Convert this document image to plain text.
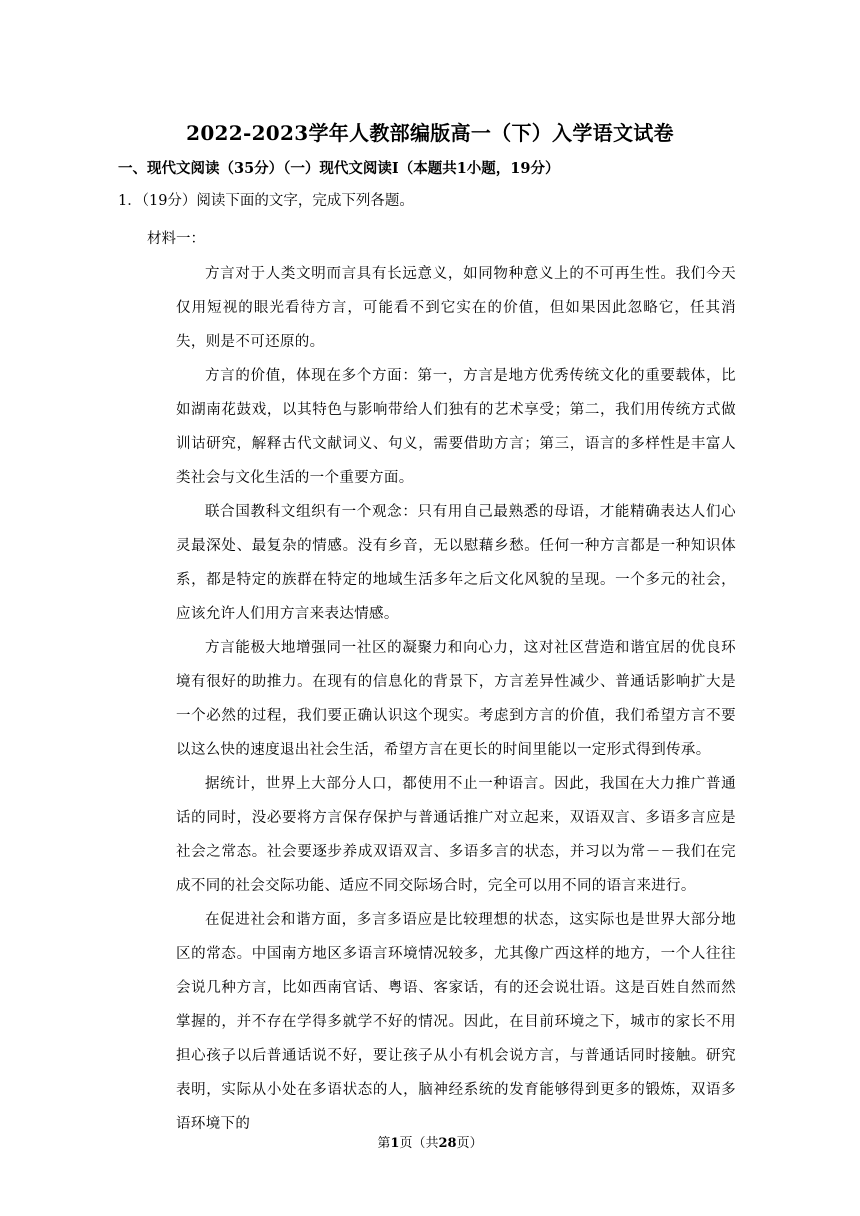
2022-2023学年人教部编版高一（下）入学语文试卷
一、现代文阅读（35分）（一）现代文阅读Ⅰ（本题共1小题，19分）
1．（19分）阅读下面的文字，完成下列各题。
材料一：

方言对于人类文明而言具有长远意义，如同物种意义上的不可再生性。我们今天仅用短视的眼光看待方言，可能看不到它实在的价值，但如果因此忽略它，任其消失，则是不可还原的。

方言的价值，体现在多个方面：第一，方言是地方优秀传统文化的重要载体，比如湖南花鼓戏，以其特色与影响带给人们独有的艺术享受；第二，我们用传统方式做训诂研究，解释古代文献词义、句义，需要借助方言；第三，语言的多样性是丰富人类社会与文化生活的一个重要方面。

联合国教科文组织有一个观念：只有用自己最熟悉的母语，才能精确表达人们心灵最深处、最复杂的情感。没有乡音，无以慰藉乡愁。任何一种方言都是一种知识体系，都是特定的族群在特定的地域生活多年之后文化风貌的呈现。一个多元的社会，应该允许人们用方言来表达情感。

方言能极大地增强同一社区的凝聚力和向心力，这对社区营造和谐宜居的优良环境有很好的助推力。在现有的信息化的背景下，方言差异性减少、普通话影响扩大是一个必然的过程，我们要正确认识这个现实。考虑到方言的价值，我们希望方言不要以这么快的速度退出社会生活，希望方言在更长的时间里能以一定形式得到传承。

据统计，世界上大部分人口，都使用不止一种语言。因此，我国在大力推广普通话的同时，没必要将方言保存保护与普通话推广对立起来，双语双言、多语多言应是社会之常态。社会要逐步养成双语双言、多语多言的状态，并习以为常－－我们在完成不同的社会交际功能、适应不同交际场合时，完全可以用不同的语言来进行。

在促进社会和谐方面，多言多语应是比较理想的状态，这实际也是世界大部分地区的常态。中国南方地区多语言环境情况较多，尤其像广西这样的地方，一个人往往会说几种方言，比如西南官话、粤语、客家话，有的还会说壮语。这是百姓自然而然掌握的，并不存在学得多就学不好的情况。因此，在目前环境之下，城市的家长不用担心孩子以后普通话说不好，要让孩子从小有机会说方言，与普通话同时接触。研究表明，实际从小处在多语状态的人，脑神经系统的发育能够得到更多的锻炼，双语多语环境下的

第1页（共28页）
